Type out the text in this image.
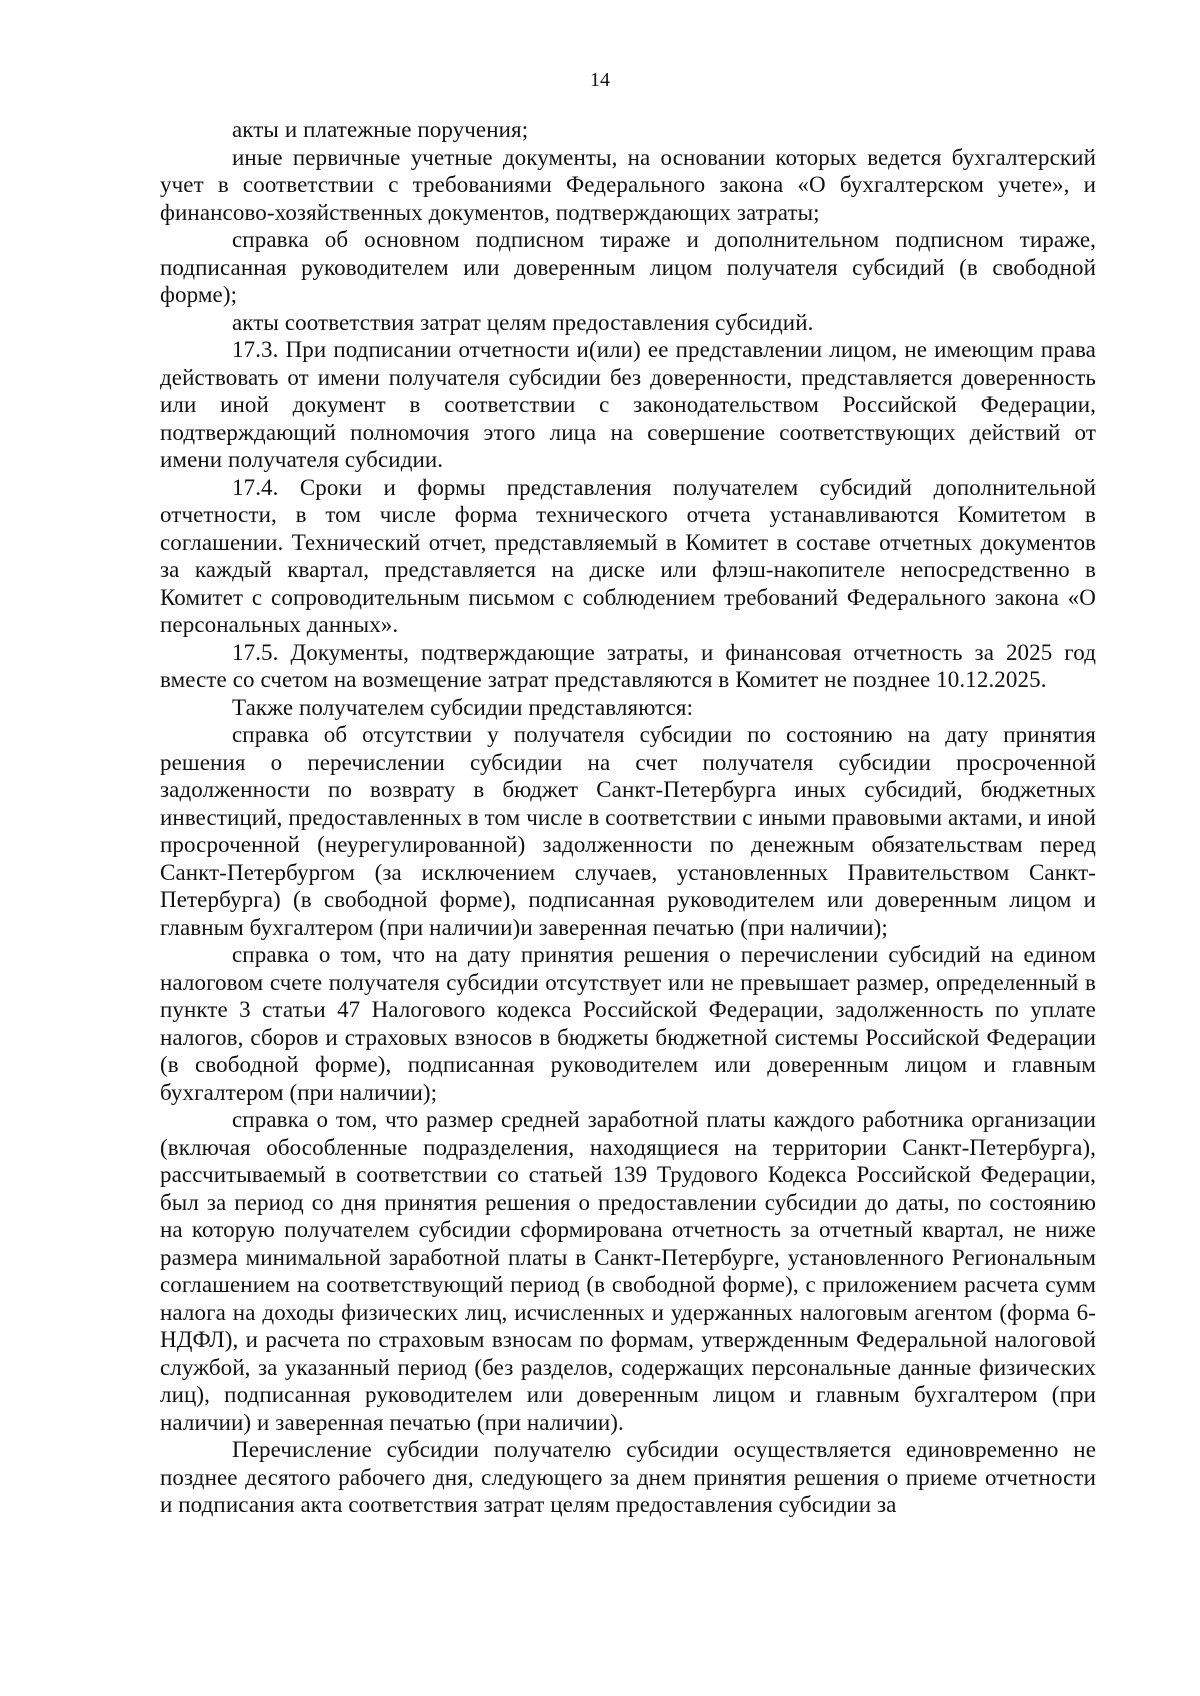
14

акты и платежные поручения;

иные первичные учетные документы, на основании которых ведется бухгалтерский учет в соответствии с требованиями Федерального закона «О бухгалтерском учете», и финансово-хозяйственных документов, подтверждающих затраты;

справка об основном подписном тираже и дополнительном подписном тираже, подписанная руководителем или доверенным лицом получателя субсидий (в свободной форме);

акты соответствия затрат целям предоставления субсидий.

17.3. При подписании отчетности и(или) ее представлении лицом, не имеющим права действовать от имени получателя субсидии без доверенности, представляется доверенность или иной документ в соответствии с законодательством Российской Федерации, подтверждающий полномочия этого лица на совершение соответствующих действий от имени получателя субсидии.

17.4. Сроки и формы представления получателем субсидий дополнительной отчетности, в том числе форма технического отчета устанавливаются Комитетом в соглашении. Технический отчет, представляемый в Комитет в составе отчетных документов за каждый квартал, представляется на диске или флэш-накопителе непосредственно в Комитет с сопроводительным письмом с соблюдением требований Федерального закона «О персональных данных».

17.5. Документы, подтверждающие затраты, и финансовая отчетность за 2025 год вместе со счетом на возмещение затрат представляются в Комитет не позднее 10.12.2025.

Также получателем субсидии представляются:

справка об отсутствии у получателя субсидии по состоянию на дату принятия решения о перечислении субсидии на счет получателя субсидии просроченной задолженности по возврату в бюджет Санкт-Петербурга иных субсидий, бюджетных инвестиций, предоставленных в том числе в соответствии с иными правовыми актами, и иной просроченной (неурегулированной) задолженности по денежным обязательствам перед Санкт-Петербургом (за исключением случаев, установленных Правительством Санкт-Петербурга) (в свободной форме), подписанная руководителем или доверенным лицом и главным бухгалтером (при наличии)и заверенная печатью (при наличии);

справка о том, что на дату принятия решения о перечислении субсидий на едином налоговом счете получателя субсидии отсутствует или не превышает размер, определенный в пункте 3 статьи 47 Налогового кодекса Российской Федерации, задолженность по уплате налогов, сборов и страховых взносов в бюджеты бюджетной системы Российской Федерации (в свободной форме), подписанная руководителем или доверенным лицом и главным бухгалтером (при наличии);

справка о том, что размер средней заработной платы каждого работника организации (включая обособленные подразделения, находящиеся на территории Санкт-Петербурга), рассчитываемый в соответствии со статьей 139 Трудового Кодекса Российской Федерации, был за период со дня принятия решения о предоставлении субсидии до даты, по состоянию на которую получателем субсидии сформирована отчетность за отчетный квартал, не ниже размера минимальной заработной платы в Санкт-Петербурге, установленного Региональным соглашением на соответствующий период (в свободной форме), с приложением расчета сумм налога на доходы физических лиц, исчисленных и удержанных налоговым агентом (форма 6-НДФЛ), и расчета по страховым взносам по формам, утвержденным Федеральной налоговой службой, за указанный период (без разделов, содержащих персональные данные физических лиц), подписанная руководителем или доверенным лицом и главным бухгалтером (при наличии) и заверенная печатью (при наличии).

Перечисление субсидии получателю субсидии осуществляется единовременно не позднее десятого рабочего дня, следующего за днем принятия решения о приеме отчетности и подписания акта соответствия затрат целям предоставления субсидии за
